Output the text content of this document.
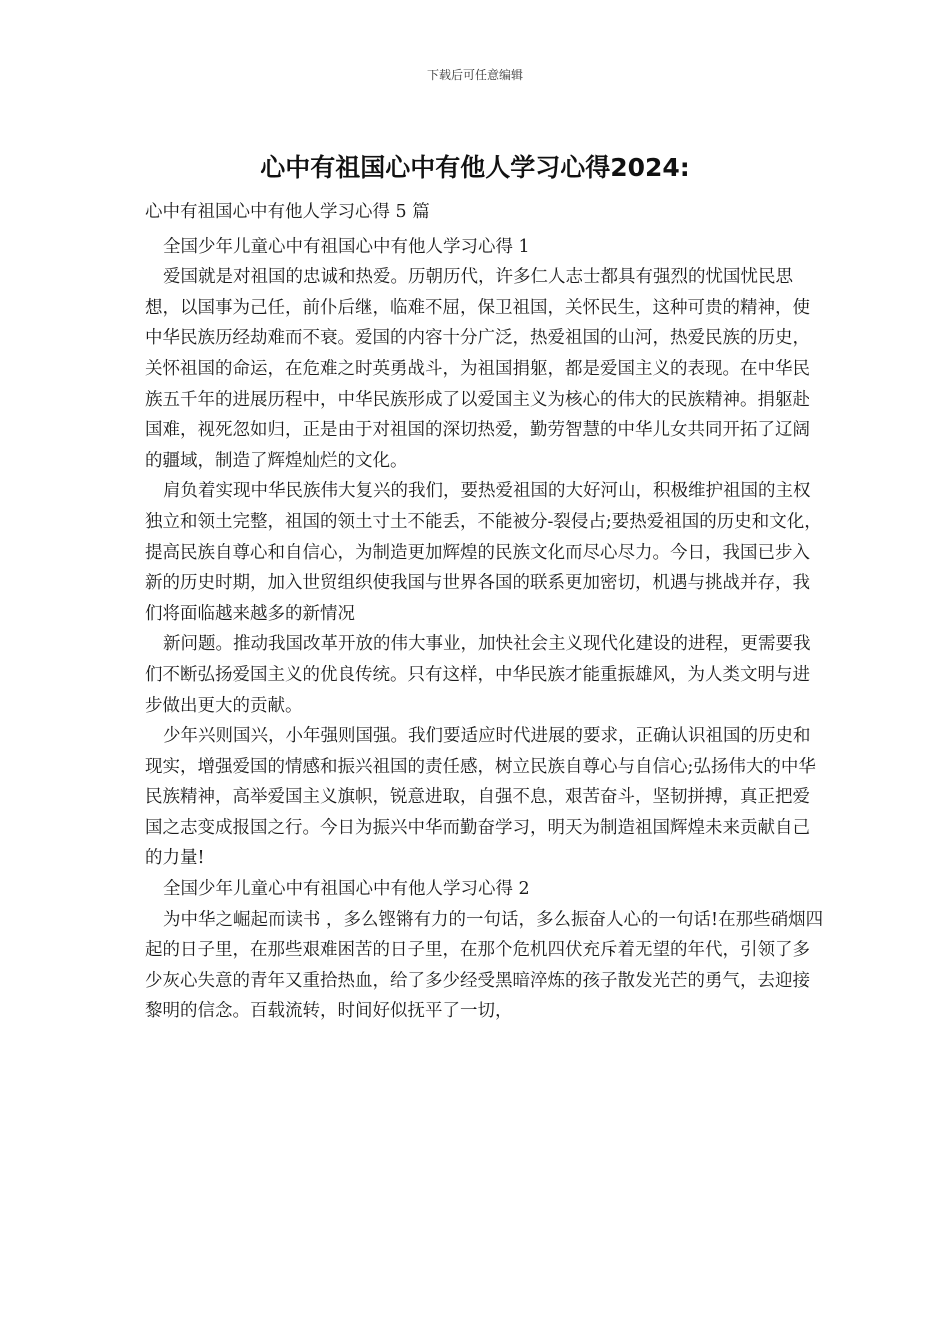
下载后可任意编辑
心中有祖国心中有他人学习心得2024:

心中有祖国心中有他人学习心得 5 篇

全国少年儿童心中有祖国心中有他人学习心得 1

爱国就是对祖国的忠诚和热爱。历朝历代，许多仁人志士都具有强烈的忧国忧民思想，以国事为己任，前仆后继，临难不屈，保卫祖国，关怀民生，这种可贵的精神，使中华民族历经劫难而不衰。爱国的内容十分广泛，热爱祖国的山河，热爱民族的历史，关怀祖国的命运，在危难之时英勇战斗，为祖国捐躯，都是爱国主义的表现。在中华民族五千年的进展历程中，中华民族形成了以爱国主义为核心的伟大的民族精神。捐躯赴国难，视死忽如归，正是由于对祖国的深切热爱，勤劳智慧的中华儿女共同开拓了辽阔的疆域，制造了辉煌灿烂的文化。

肩负着实现中华民族伟大复兴的我们，要热爱祖国的大好河山，积极维护祖国的主权独立和领土完整，祖国的领土寸土不能丢，不能被分-裂侵占;要热爱祖国的历史和文化，提高民族自尊心和自信心，为制造更加辉煌的民族文化而尽心尽力。今日，我国已步入新的历史时期，加入世贸组织使我国与世界各国的联系更加密切，机遇与挑战并存，我们将面临越来越多的新情况

新问题。推动我国改革开放的伟大事业，加快社会主义现代化建设的进程，更需要我们不断弘扬爱国主义的优良传统。只有这样，中华民族才能重振雄风，为人类文明与进步做出更大的贡献。

少年兴则国兴，小年强则国强。我们要适应时代进展的要求，正确认识祖国的历史和现实，增强爱国的情感和振兴祖国的责任感，树立民族自尊心与自信心;弘扬伟大的中华民族精神，高举爱国主义旗帜，锐意进取，自强不息，艰苦奋斗，坚韧拼搏，真正把爱国之志变成报国之行。今日为振兴中华而勤奋学习，明天为制造祖国辉煌未来贡献自己的力量!

全国少年儿童心中有祖国心中有他人学习心得 2

为中华之崛起而读书 ，多么铿锵有力的一句话，多么振奋人心的一句话!在那些硝烟四起的日子里，在那些艰难困苦的日子里，在那个危机四伏充斥着无望的年代，引领了多少灰心失意的青年又重拾热血，给了多少经受黑暗淬炼的孩子散发光芒的勇气，去迎接黎明的信念。百载流转，时间好似抚平了一切，
